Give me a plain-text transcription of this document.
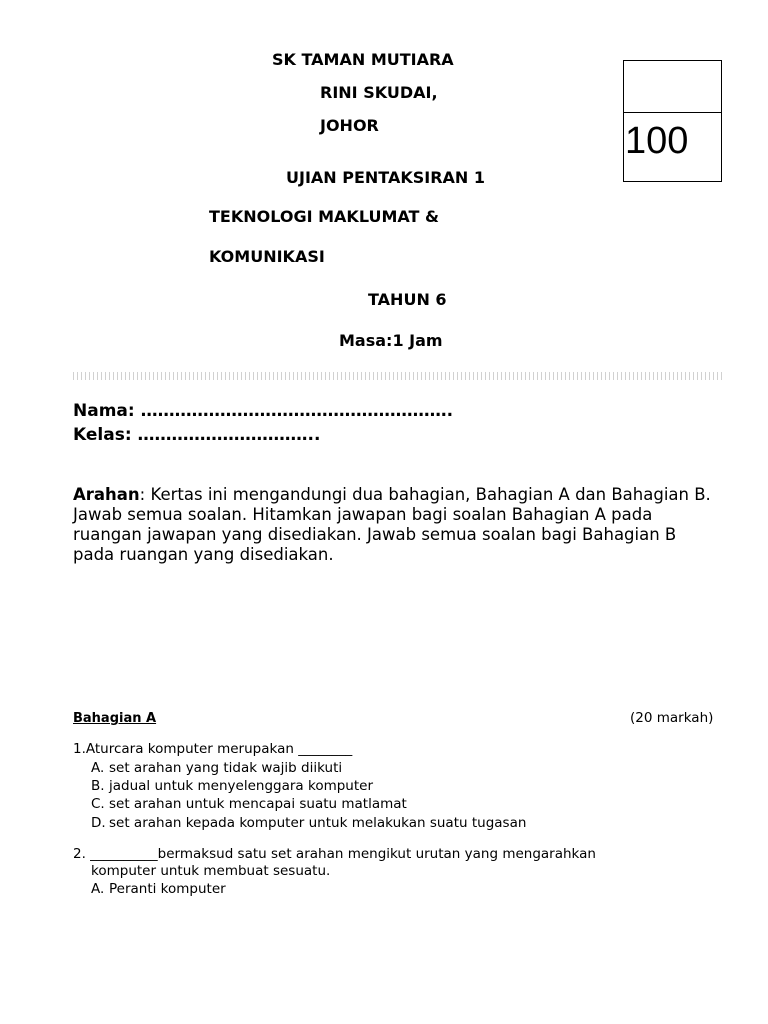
SK TAMAN MUTIARA
RINI SKUDAI,
JOHOR
UJIAN PENTAKSIRAN 1
TEKNOLOGI MAKLUMAT &
KOMUNIKASI
TAHUN 6
Masa:1 Jam
100
Nama: ……………………………………………….
Kelas: …………………………..
Arahan: Kertas ini mengandungi dua bahagian, Bahagian A dan Bahagian B. Jawab semua soalan. Hitamkan jawapan bagi soalan Bahagian A pada ruangan jawapan yang disediakan. Jawab semua soalan bagi Bahagian B pada ruangan yang disediakan.
Bahagian A	(20 markah)
1.Aturcara komputer merupakan ________
A. set arahan yang tidak wajib diikuti
B. jadual untuk menyelenggara komputer
C. set arahan untuk mencapai suatu matlamat
D. set arahan kepada komputer untuk melakukan suatu tugasan
2. __________bermaksud satu set arahan mengikut urutan yang mengarahkan
komputer untuk membuat sesuatu.
A. Peranti komputer
